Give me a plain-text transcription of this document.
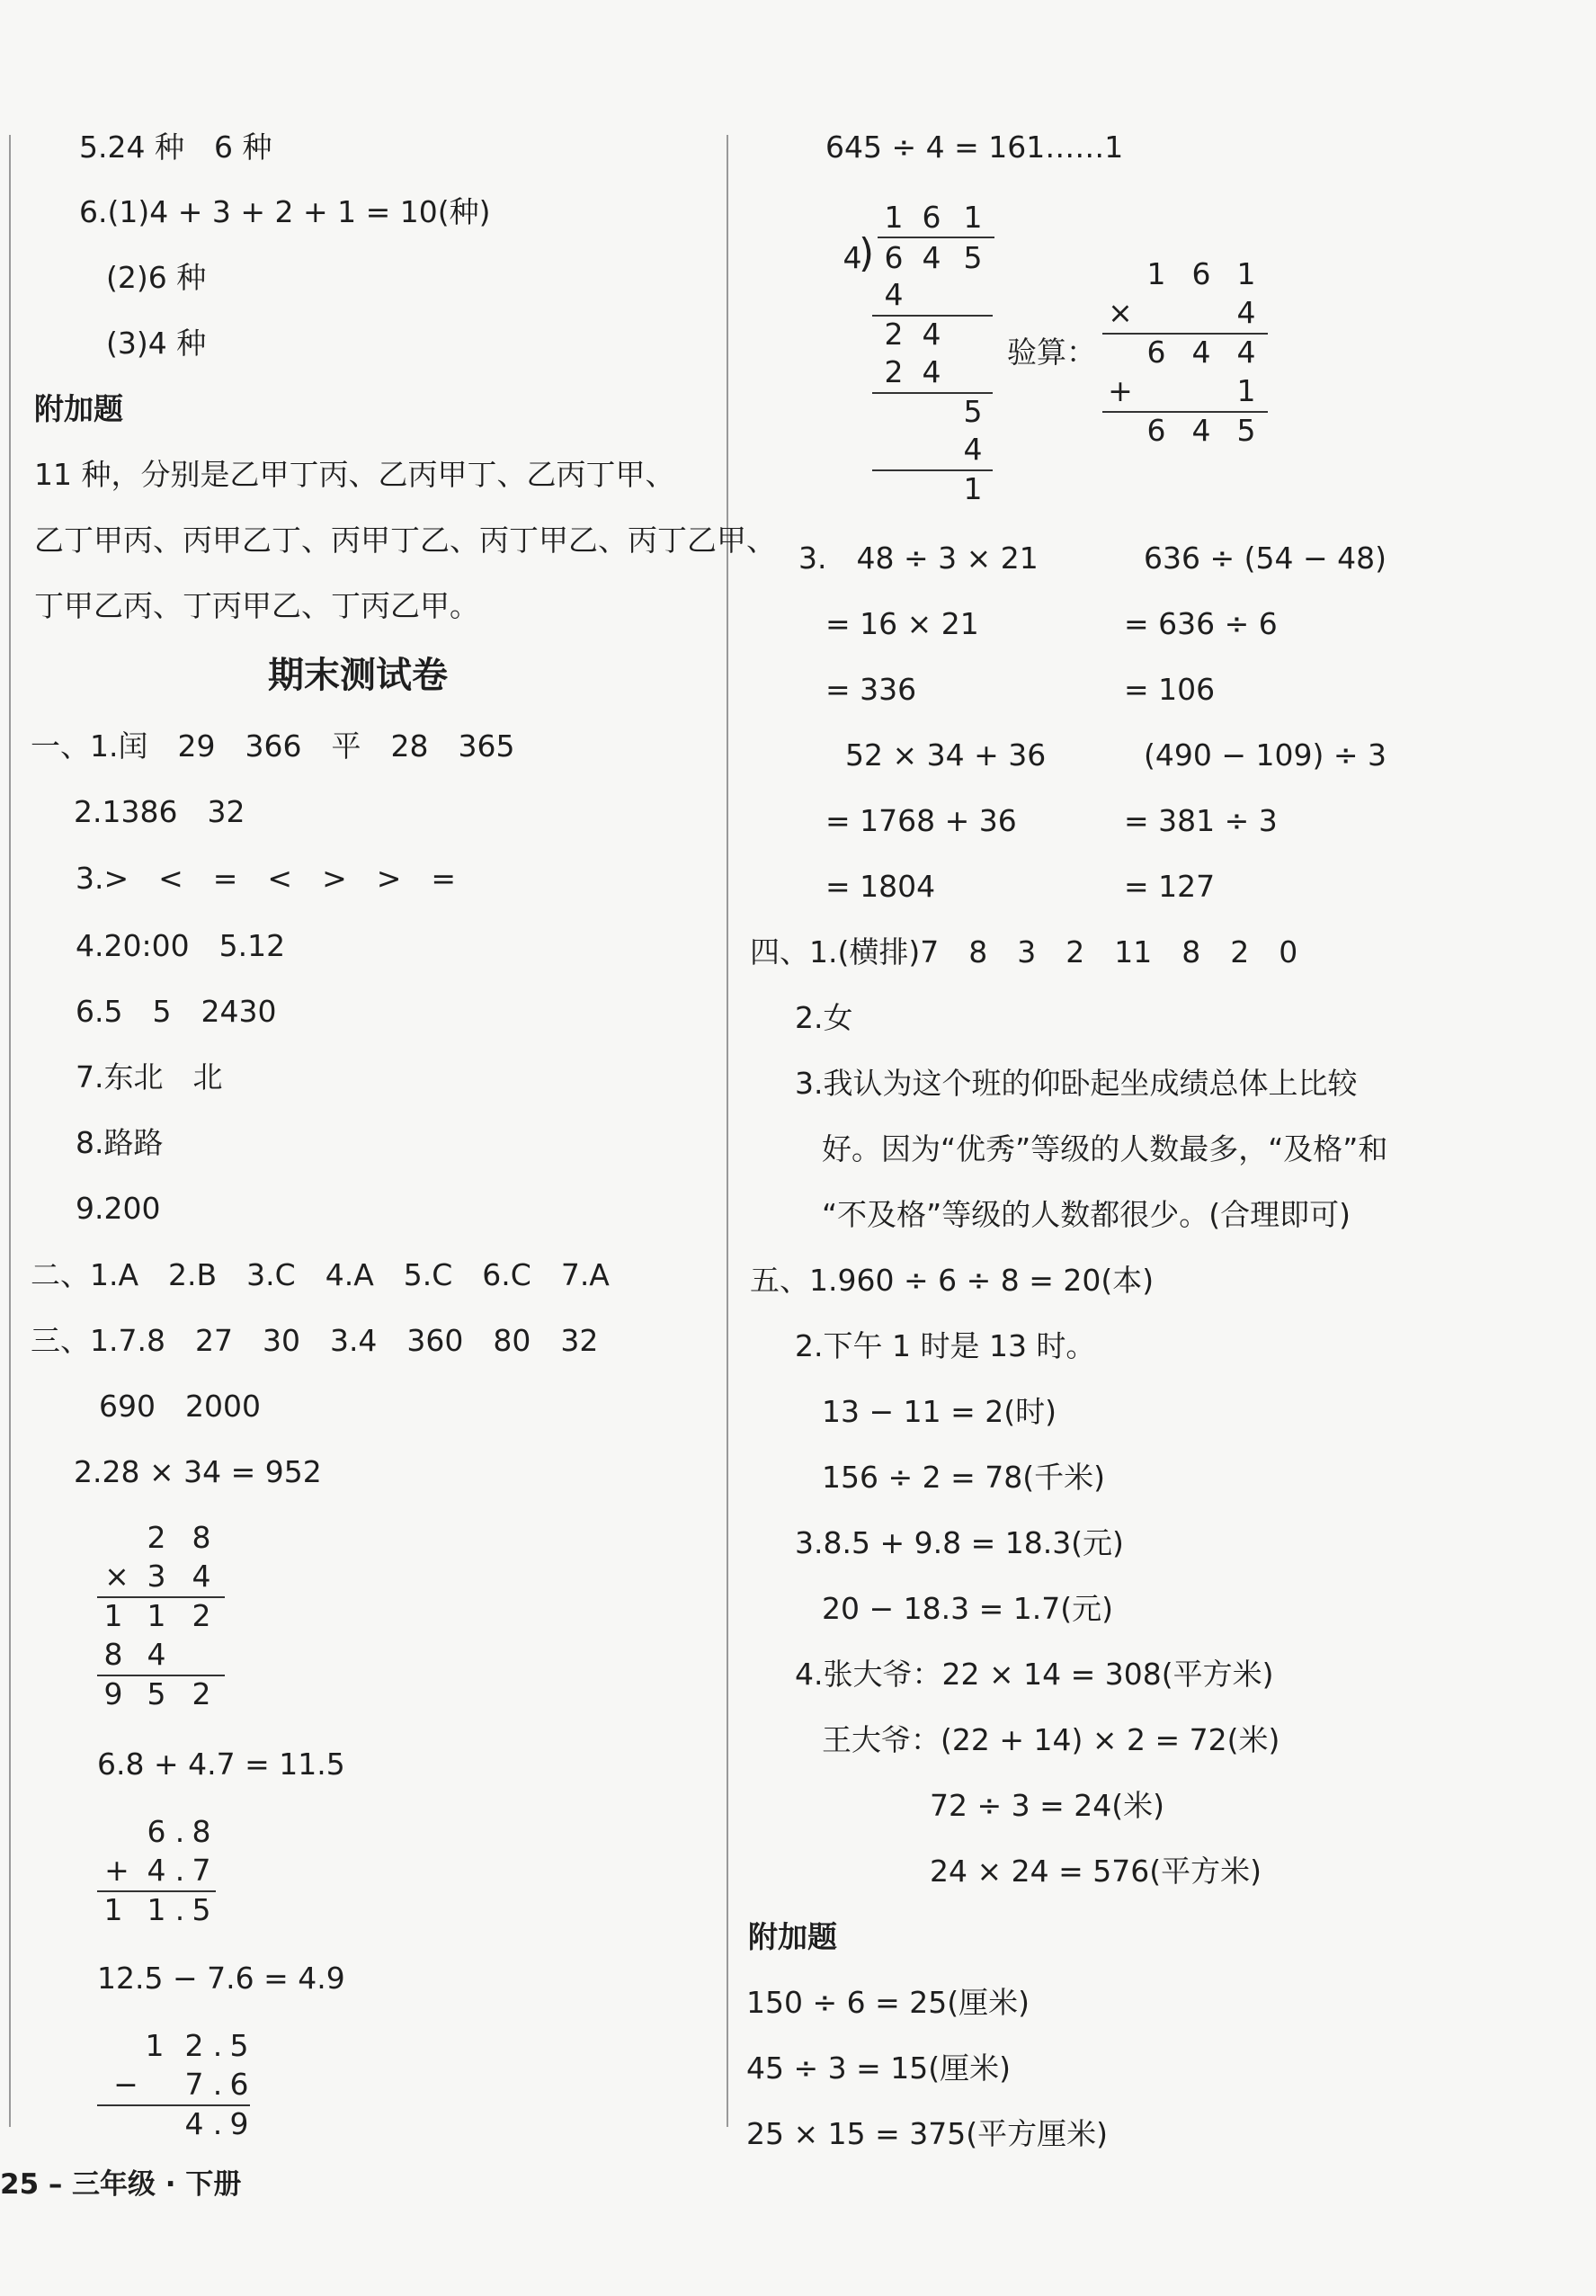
5.24 种　6 种
6.(1)4 + 3 + 2 + 1 = 10(种)
(2)6 种
(3)4 种
附加题
11 种，分别是乙甲丁丙、乙丙甲丁、乙丙丁甲、
乙丁甲丙、丙甲乙丁、丙甲丁乙、丙丁甲乙、丙丁乙甲、
丁甲乙丙、丁丙甲乙、丁丙乙甲。
期末测试卷
一、1.闰　29　366　平　28　365
2.1386　32
3.>　<　=　<　>　>　=
4.20:00　5.12
6.5　5　2430
7.东北　北
8.路路
9.200
二、1.A　2.B　3.C　4.A　5.C　6.C　7.A
三、1.7.8　27　30　3.4　360　80　32
690　2000
2.28 × 34 = 952
2 8
× 3 4
1 1 2
8 4
9 5 2
6.8 + 4.7 = 11.5
6 . 8
+ 4 . 7
1 1 . 5
12.5 − 7.6 = 4.9
1 2 . 5
− 7 . 6
4 . 9
25 – 三年级 · 下册
645 ÷ 4 = 161……1
1 6 1
4
) 6 4 5
4
2 4
2 4
5
4
1
验算：
1 6 1
×	4
6 4 4
+	1
6 4 5
3.　48 ÷ 3 × 21	636 ÷ (54 − 48)
= 16 × 21	= 636 ÷ 6
= 336	= 106
52 × 34 + 36	(490 − 109) ÷ 3
= 1768 + 36	= 381 ÷ 3
= 1804	= 127
四、1.(横排)7　8　3　2　11　8　2　0
2.女
3.我认为这个班的仰卧起坐成绩总体上比较
好。因为“优秀”等级的人数最多，“及格”和
“不及格”等级的人数都很少。(合理即可)
五、1.960 ÷ 6 ÷ 8 = 20(本)
2.下午 1 时是 13 时。
13 − 11 = 2(时)
156 ÷ 2 = 78(千米)
3.8.5 + 9.8 = 18.3(元)
20 − 18.3 = 1.7(元)
4.张大爷：22 × 14 = 308(平方米)
王大爷：(22 + 14) × 2 = 72(米)
72 ÷ 3 = 24(米)
24 × 24 = 576(平方米)
附加题
150 ÷ 6 = 25(厘米)
45 ÷ 3 = 15(厘米)
25 × 15 = 375(平方厘米)
